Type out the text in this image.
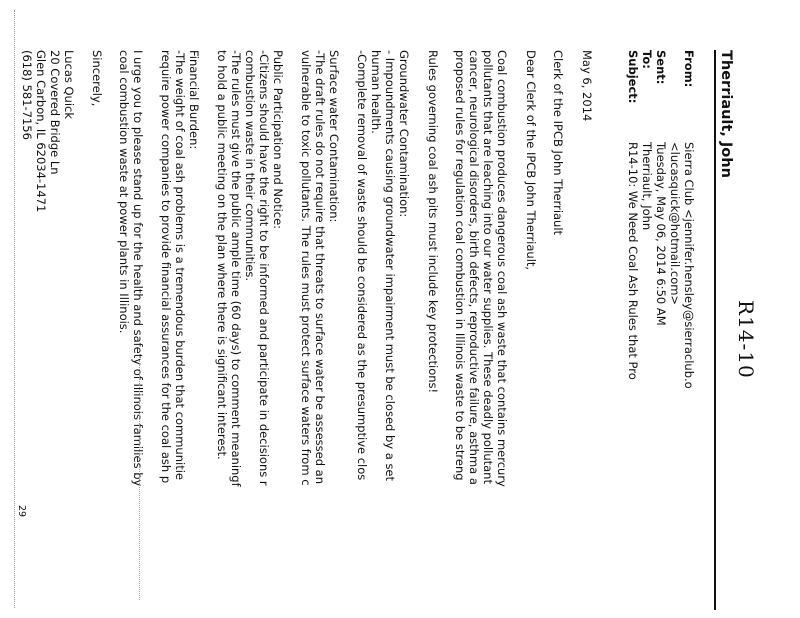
R14-10
Therriault, John
From:
Sierra Club <jennifer.hensley@sierraclub.o
<lucasquick@hotmail.com>
Sent:
Tuesday, May 06, 2014 6:50 AM
To:
Therriault, John
Subject:
R14-10: We Need Coal Ash Rules that Pro
May 6, 2014
Clerk of the IPCB John Therriault
Dear Clerk of the IPCB John Therriault,
Coal combustion produces dangerous coal ash waste that contains mercury
pollutants that are leaching into our water supplies. These deadly pollutant
cancer, neurological disorders, birth defects, reproductive failure, asthma a
proposed rules for regulation coal combustion in Illinois waste to be streng
Rules governing coal ash pits must include key protections!
Groundwater Contamination:
- Impoundments causing groundwater impairment must be closed by a set
human health.
-Complete removal of waste should be considered as the presumptive clos
Surface water Contamination:
-The draft rules do not require that threats to surface water be assessed an
vulnerable to toxic pollutants. The rules must protect surface waters from c
Public Participation and Notice:
-Citizens should have the right to be informed and participate in decisions r
combustion waste in their communities.
-The rules must give the public ample time (60 days) to comment meaningf
to hold a public meeting on the plan where there is significant interest.
Financial Burden:
-The weight of coal ash problems is a tremendous burden that communitie
require power companies to provide financial assurances for the coal ash p
I urge you to please stand up for the health and safety of Illinois families by
coal combustion waste at power plants in Illinois.
Sincerely,
Lucas Quick
20 Covered Bridge Ln
Glen Carbon, IL 62034-1471
(618) 581-7156
29
